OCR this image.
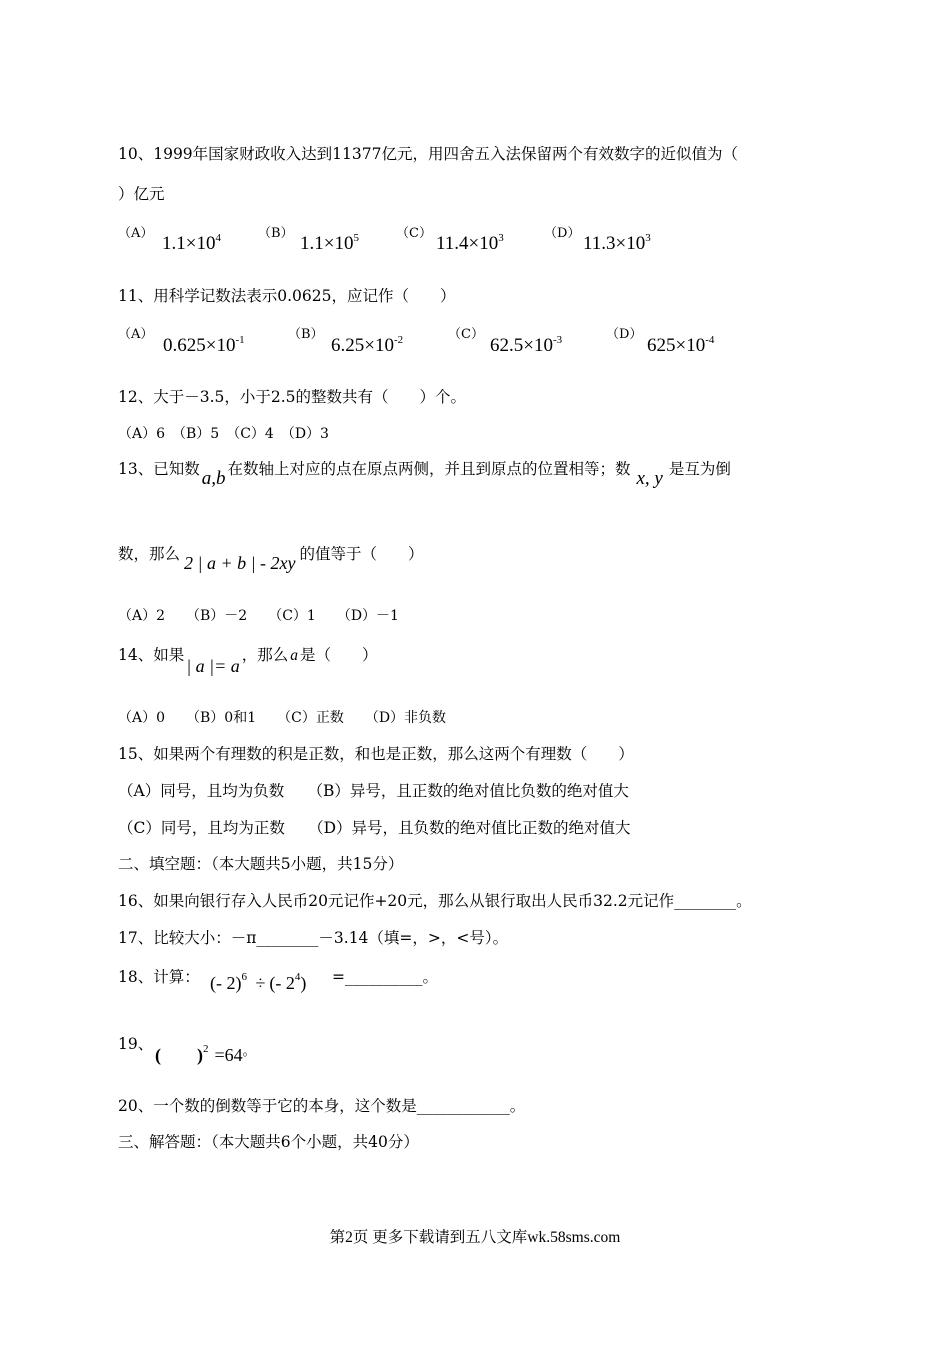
10、1999年国家财政收入达到11377亿元，用四舍五入法保留两个有效数字的近似值为（
）亿元
（A） $1.1\times 10^4$	（B） $1.1\times 10^5$	（C） $11.4\times 10^3$	（D） $11.3\times 10^3$
11、用科学记数法表示0.0625，应记作（　　）
（A）
$0.625\times 10^{-1}$	（B）
$6.25\times 10^{-2}$	（C）
$62.5\times 10^{-3}$	（D）
$625\times 10^{-4}$
12、大于－3.5，小于2.5的整数共有（　　）个。
（A）6　（B）5　（C）4　（D）3
13、已知数 a,b 在数轴上对应的点在原点两侧，并且到原点的位置相等；数 x, y 是互为倒
数，那么 2 | a + b | - 2xy 的值等于（　　）
（A）2　　（B）－2　　（C）1　　（D）－1
14、如果| a |= a，那么 a 是（　　）
（A）0　　（B）0和1　　（C）正数　　（D）非负数
15、如果两个有理数的积是正数，和也是正数，那么这两个有理数（　　）
（A）同号，且均为负数　　（B）异号，且正数的绝对值比负数的绝对值大
（C）同号，且均为正数　　（D）异号，且负数的绝对值比正数的绝对值大
二、填空题：（本大题共5小题，共15分）
16、如果向银行存入人民币20元记作+20元，那么从银行取出人民币32.2元记作________。
17、比较大小：－π________－3.14（填=，>，<号）。
18、计算： (- 2)$^6$ ÷ (- $2^4$) =__________。
19、
(　　)$^2$ =64。
20、一个数的倒数等于它的本身，这个数是____________。
三、解答题：（本大题共6个小题，共40分）
第2页 更多下载请到五八文库wk.58sms.com
